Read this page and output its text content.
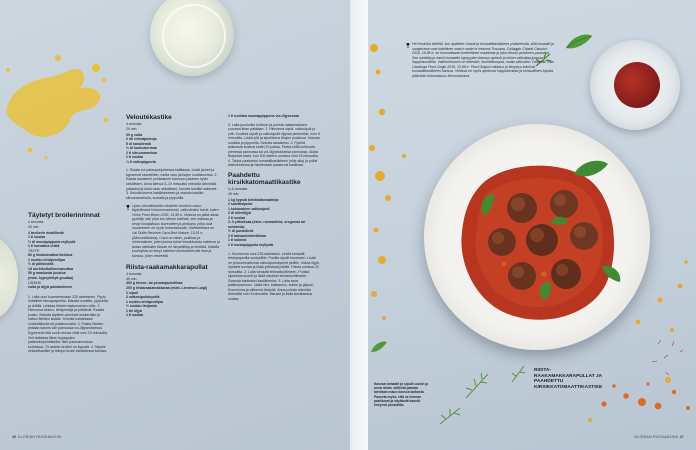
Täytetyt broilerinrinnat
4 annosta
40 min
4 broilerin rintafileetä
1 tl suolaa
½ dl muutapippuria myllystä
1 tl kuivattua chiliä
TÄYTE
80 g ilmakuivattua kinkkua
1 ruukku lehtipersiljaa
½ dl pähkinöitä
1rl aurinkoihalhonnanottoa
50 g maukasta juustoa
(esim. kypsytettyä goudaa)
LISÄKSI
voita ja öljyä paistamiseen

1. Laita uuni kuumenemaan 225 asteeseen. Pyyhi rintafileet talouspaperilla. Mausta suolalla, pippurilla ja chilillä. Leikkaa fileisiin taskumainen viilto. 2. Hienonna kinkku, lehtipersilja ja pähkinät. Raasta juusto. Sekoita täytteen ainekset keskenään ja lusikoi fileiden sisään. Kiinnitä halutessasi cocktailtikuilla tai paistinuoralla. 3. Paista fileiden pintaan kaunis väri pannussa voi-öljyseoksessa. Kypsennä niitä uunin ennaa vielä noin 10 minuuttia. Voit tarkistaa fileen kypsyyden paistolämpömittarilla: filen paksuimmassa kohdassa, 70-asteen broileri on kypsää. 4. Tarjoile veloutékastike ja teitopo broile tavallisessa kanssa.

Veloutékastike
4 annosta
20 min
30 g voita
2 rkl vehnäjauhoja
5 dl kanaliemiä
½ dl kuohukermaa
2 tl sitruunamehua
1 tl suolaa
¼ tl valkopippuria

1. Sulata voi paksupohjaisessa kattilassa. Lisää jauhot ja kypsennä sekoitellen, mutta varo jauhojen ruskistumista. 2. Kaada kanaliemi puhtaaseen kannuun palanen hyvin sekoittaen. Anna kiehua 5–10 minuuttia miedolla lämmöllä paksaksi ja kuka vaan sekoittaen, kunnes kastike sakenee. 3. Sekoita kerma kastikkeeseen ja mausta kastike sitruunamehulla, suolalla ja pippurilla.

Upea veloutékastike olisitelee broilerin maun täyteläisesti kohonnousenkoki, valkoviiniksi toimii, kuten Vinho Pinot Blanc 2018, 14,98 e. Viinissä on pitkä aikaa pyöräily sitä, joka tuo hienon tuttiheit, sen vaikkaa ja kevyt hunajaisuus tuoreuteen ja pimkuna, jotka tuuli mauteineen on hyvin kokonaisoude. Vaihtoehtona on Val Dullie Reserve Cava Brut Nature, 15,51 e (Alkosvalikoima). Cava on rakas, pulkkaa ja mineraalinen, joten juoma toimii ennakkoasta nakkoon ja antaa vaikkakin tilavan eri lämpötiloja ja kenttää. Kaikilla kuohujista on kevyt vaiheksi kuohuviiinit olla ihan ja kanssa, joten nesteellä.

Riista-raakamakkarapullat
4 annosta
45 min
400 g hirven- tai peuranjauhelihaa
200 g riistaraakamakkaraa (esim. Livornon Luigi)
1 sipuli
2 valkosipulinkynttä
1 ruukku lehtipersiljaa
½ ruukku timjamia
1 tkl öljyä
1 tl suolaa
1 tl ruohtoa muutappippuria voi-öljyseosta

3. Laita juusholke kulhoon ja purista raakamakkara suoraan litran pakkaan. 2. Hienonna sipuli, valkosipuli ja yrtit. Kuullota sipulit ja valkosipulit öljyssä pehmeiksi, noin 5 minuuttia. Lisää yrtit ja sipulitseos lihojen joukkoon. Mausta suolalla ja pippurilla. Sekoita tasaiseksi. 3. Pyöritä taikinasta kosteat kädet 20 pallaa. Paista niillä kohtuutta pienessä pannussa tai voi-öljyseoksessa pannussa. Aloita lihapullat vasta, kun 200 asteen uunissa noin 15 minuuttia. 4. Tarjoa paahdetut tomaattikastikkeen (ohje alla) ja pullat alatuoresessa ja halutessasi pastaa tai basilikaa.

Paahdettu kirsikkatomaattikastike
4–6 annosta
40 min
1 kg kypsiä kirsikkatomaatteja
2 salottisipulia
1 kokonainen valkosipuli
2 dl oliiviöljyä
2 tl suolaa
2–3 yrttioksaa (esim. rosmariinia, oreganoa tai meiramia)
½ dl punaviiniä
2 tl balsamiviinietikkaa
1 tl sokeria
1 tl mustapippuria myllystä

1. Kuumenna uuni 225-asteiseksi. Levitä tomaatit leivinpaperilla uunipellille. Puolita sipulit kuorineen. Lisää ne ja kuorimattomat valkosipulinkynnet pellille. Valuta öljyä, ripottele suolaa ja lisää yrttioksat pellille. Paista uunissa 20 minuuttia. 2. Laita tomaatit tehosekoittimeen. Purista sipuleista kuoret ja lisää sisukset tehosekoittimeen. Soseuta karkeaksi kastikkeeksi. 3. Laita seos paistinpannuun. Lisää viini, balsamico, sokeri ja pippuri. Kuumenna ja vähennä lämpöä. Anna porista miedolla lämmöllä noin 5 minuuttia. Mausta ja lisää tarvittaessa suolaa.

46 GLORIAN RUOKA&VIINI

Hei herahtia kielellä, kun ajattelee chianti ja tomaattikastikkeen yhdistelmää, sillä tomaatti ja sangiovese ovat todellinen match made in heaven! Toscana, Collaggio Chianti Classico 2016, 19,98 e, on huomattavan tunteellinen maailmaa ja joka hienon pulskinen punaviini. Sen ryhdikkyys toimii tomaattin kypsyyden kanssa upeasti ja siihen vaikuttaa juomaa happoisuudella. Vaihtoehtoisen on tietenkin, huolitellumpaa, mutta valkoviini: Collamiki Villa Canaloga Pinot Grigio 2019, 13,99 e. Pinot Grigion rakkaus ja lempeys toimivat tomaattikastikkeen kanssa. Viinissä on myös aprikoosi happokeuttaa ja kohtuullinen lopulta pitämään kokonaisuus kiinnostavana.

Kasvaa tomaatit ja sipulit uuniin ja anna niiden säilöntä paistaa tarvitaan maun kanssa kaltaista. Pauseta myös, että ne hieman paahtuvat ja näyttävät kauniit kevyesti punaisilta.

RIISTA-RAAKAMAKKARAPULLAT JA PAAHDETTU KIRSIKKATOMAATTIKASTIKE
GLORIAN RUOKA&VIINI 47
